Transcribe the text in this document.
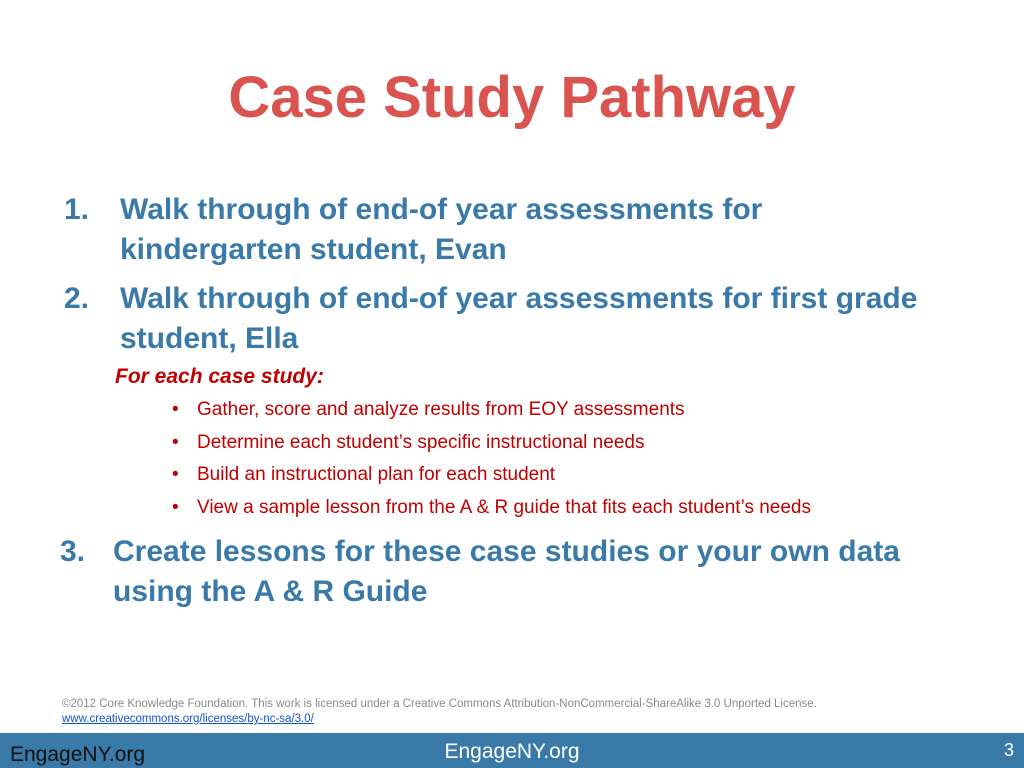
Case Study Pathway
1.	Walk through of end-of year assessments for kindergarten student, Evan
2.	Walk through of end-of year assessments for first grade student, Ella
For each case study:
• Gather, score and analyze results from EOY assessments
• Determine each student’s specific instructional needs
• Build an instructional plan for each student
• View a sample lesson from the A & R guide that fits each student’s needs
3. Create lessons for these case studies or your own data using the A & R Guide
©2012 Core Knowledge Foundation. This work is licensed under a Creative Commons Attribution-NonCommercial-ShareAlike 3.0 Unported License.
www.creativecommons.org/licenses/by-nc-sa/3.0/
EngageNY.org	EngageNY.org	3
